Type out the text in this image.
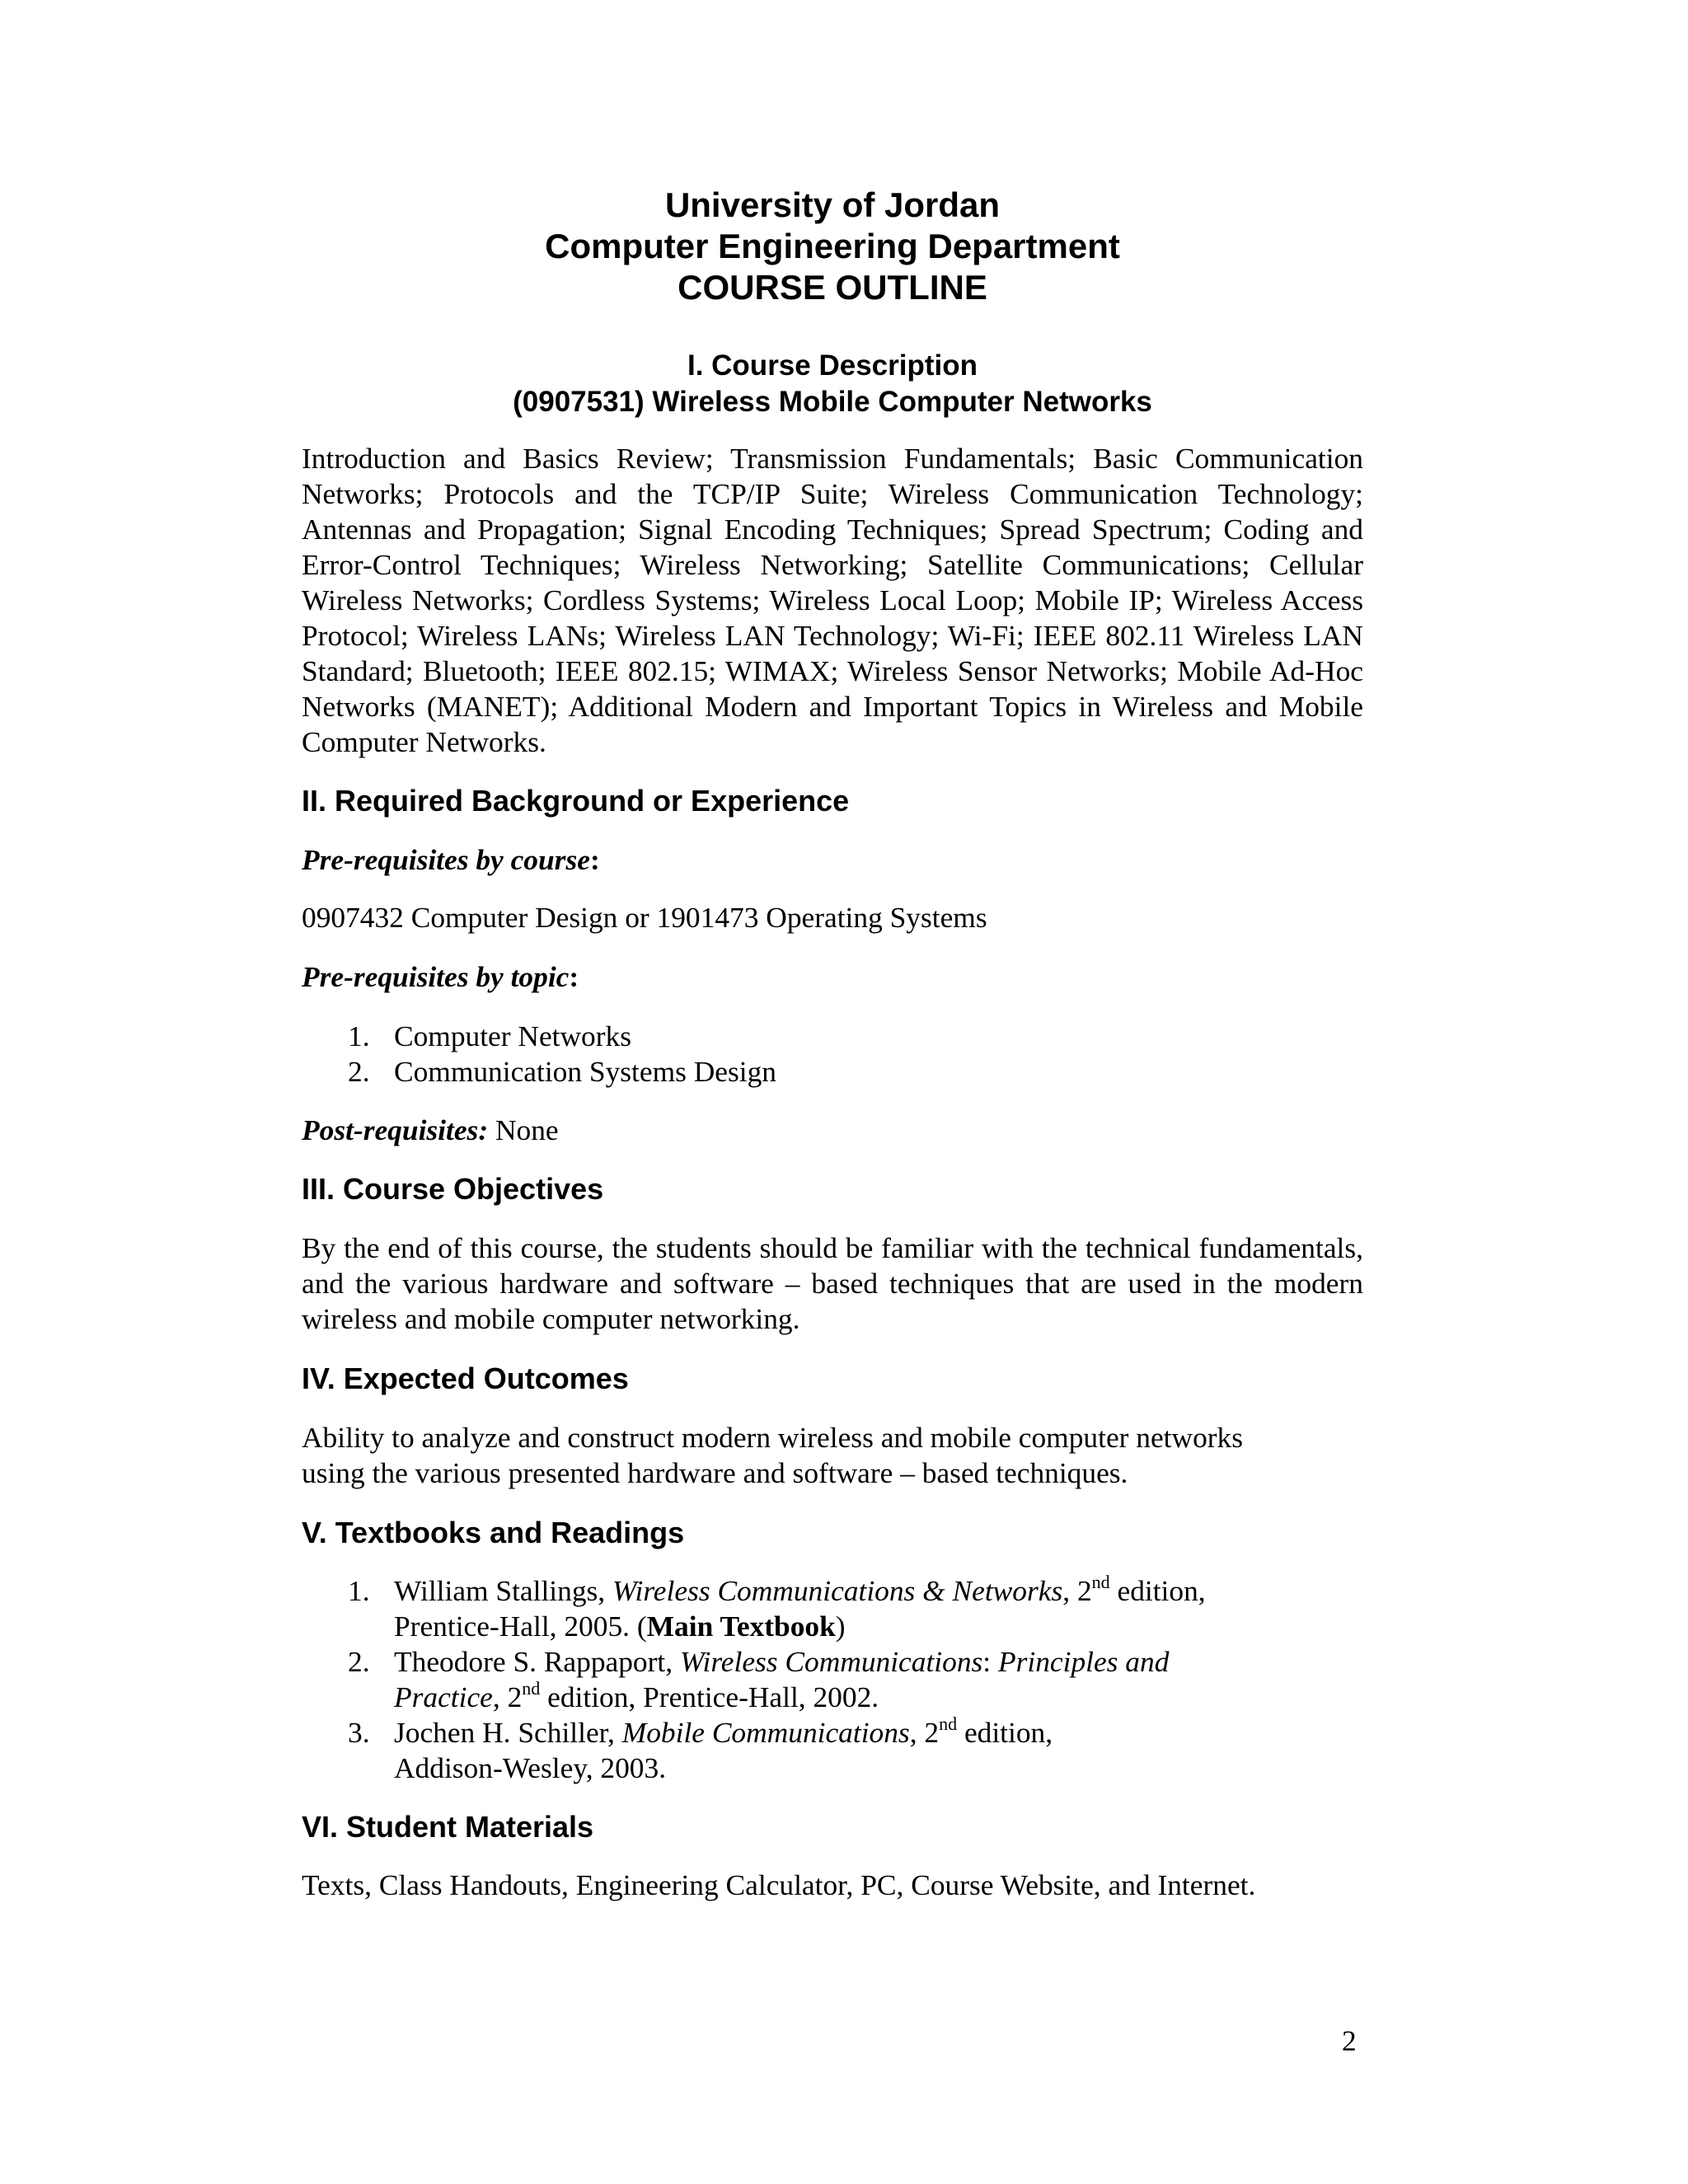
University of Jordan

Computer Engineering Department

COURSE OUTLINE

I. Course Description

(0907531) Wireless Mobile Computer Networks

Introduction and Basics Review; Transmission Fundamentals; Basic Communication Networks; Protocols and the TCP/IP Suite; Wireless Communication Technology; Antennas and Propagation; Signal Encoding Techniques; Spread Spectrum; Coding and Error-Control Techniques; Wireless Networking; Satellite Communications; Cellular Wireless Networks; Cordless Systems; Wireless Local Loop; Mobile IP; Wireless Access Protocol; Wireless LANs; Wireless LAN Technology; Wi-Fi; IEEE 802.11 Wireless LAN Standard; Bluetooth; IEEE 802.15; WIMAX; Wireless Sensor Networks; Mobile Ad-Hoc Networks (MANET); Additional Modern and Important Topics in Wireless and Mobile Computer Networks.

II. Required Background or Experience

Pre-requisites by course:

0907432 Computer Design or 1901473 Operating Systems

Pre-requisites by topic:

1. Computer Networks
2. Communication Systems Design

Post-requisites: None

III. Course Objectives

By the end of this course, the students should be familiar with the technical fundamentals, and the various hardware and software – based techniques that are used in the modern wireless and mobile computer networking.

IV. Expected Outcomes

Ability to analyze and construct modern wireless and mobile computer networks
using the various presented hardware and software – based techniques.

V. Textbooks and Readings

1. William Stallings, Wireless Communications & Networks, 2nd edition,
Prentice-Hall, 2005. (Main Textbook)
2. Theodore S. Rappaport, Wireless Communications: Principles and
Practice, 2nd edition, Prentice-Hall, 2002.
3. Jochen H. Schiller, Mobile Communications, 2nd edition,
Addison-Wesley, 2003.

VI. Student Materials

Texts, Class Handouts, Engineering Calculator, PC, Course Website, and Internet.

2
